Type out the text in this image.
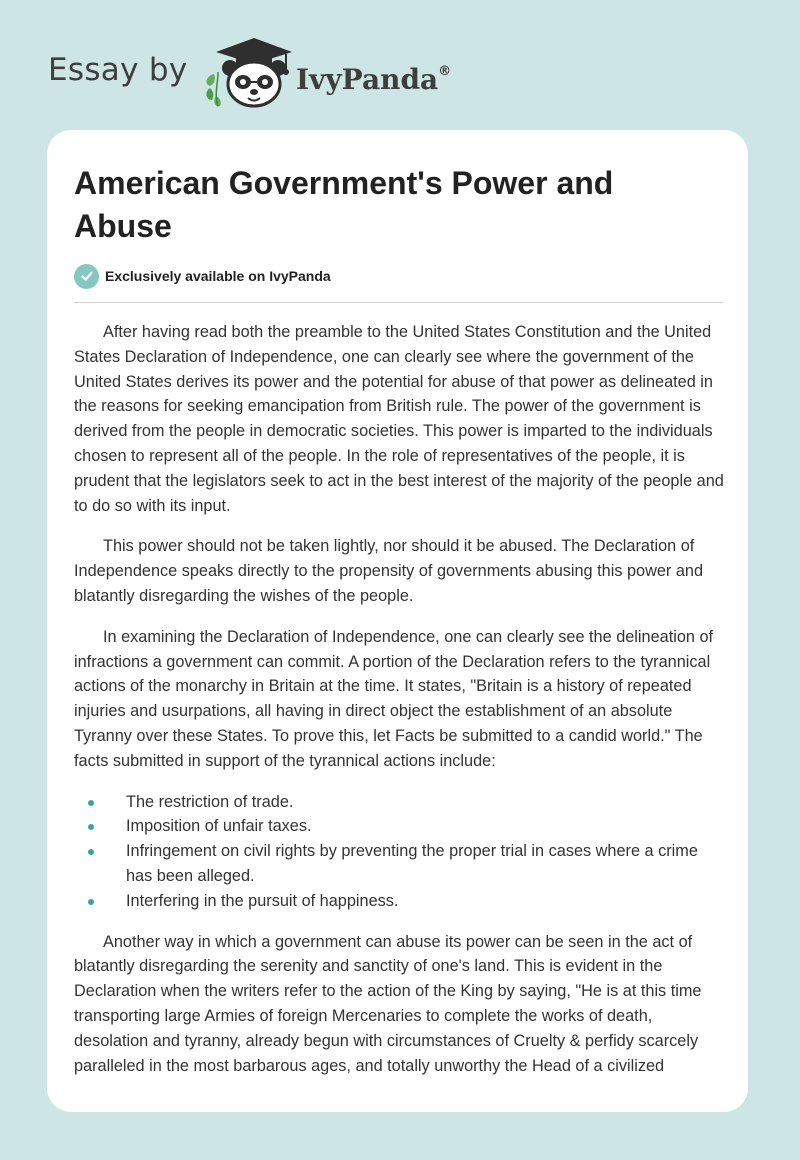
Essay by	IvyPanda®
American Government's Power and Abuse
Exclusively available on IvyPanda

After having read both the preamble to the United States Constitution and the United States Declaration of Independence, one can clearly see where the government of the United States derives its power and the potential for abuse of that power as delineated in the reasons for seeking emancipation from British rule. The power of the government is derived from the people in democratic societies. This power is imparted to the individuals chosen to represent all of the people. In the role of representatives of the people, it is prudent that the legislators seek to act in the best interest of the majority of the people and to do so with its input.

This power should not be taken lightly, nor should it be abused. The Declaration of Independence speaks directly to the propensity of governments abusing this power and blatantly disregarding the wishes of the people.

In examining the Declaration of Independence, one can clearly see the delineation of infractions a government can commit. A portion of the Declaration refers to the tyrannical actions of the monarchy in Britain at the time. It states, "Britain is a history of repeated injuries and usurpations, all having in direct object the establishment of an absolute Tyranny over these States. To prove this, let Facts be submitted to a candid world." The facts submitted in support of the tyrannical actions include:

The restriction of trade.
Imposition of unfair taxes.
Infringement on civil rights by preventing the proper trial in cases where a crime has been alleged.
Interfering in the pursuit of happiness.

Another way in which a government can abuse its power can be seen in the act of blatantly disregarding the serenity and sanctity of one's land. This is evident in the Declaration when the writers refer to the action of the King by saying, "He is at this time transporting large Armies of foreign Mercenaries to complete the works of death, desolation and tyranny, already begun with circumstances of Cruelty & perfidy scarcely paralleled in the most barbarous ages, and totally unworthy the Head of a civilized
